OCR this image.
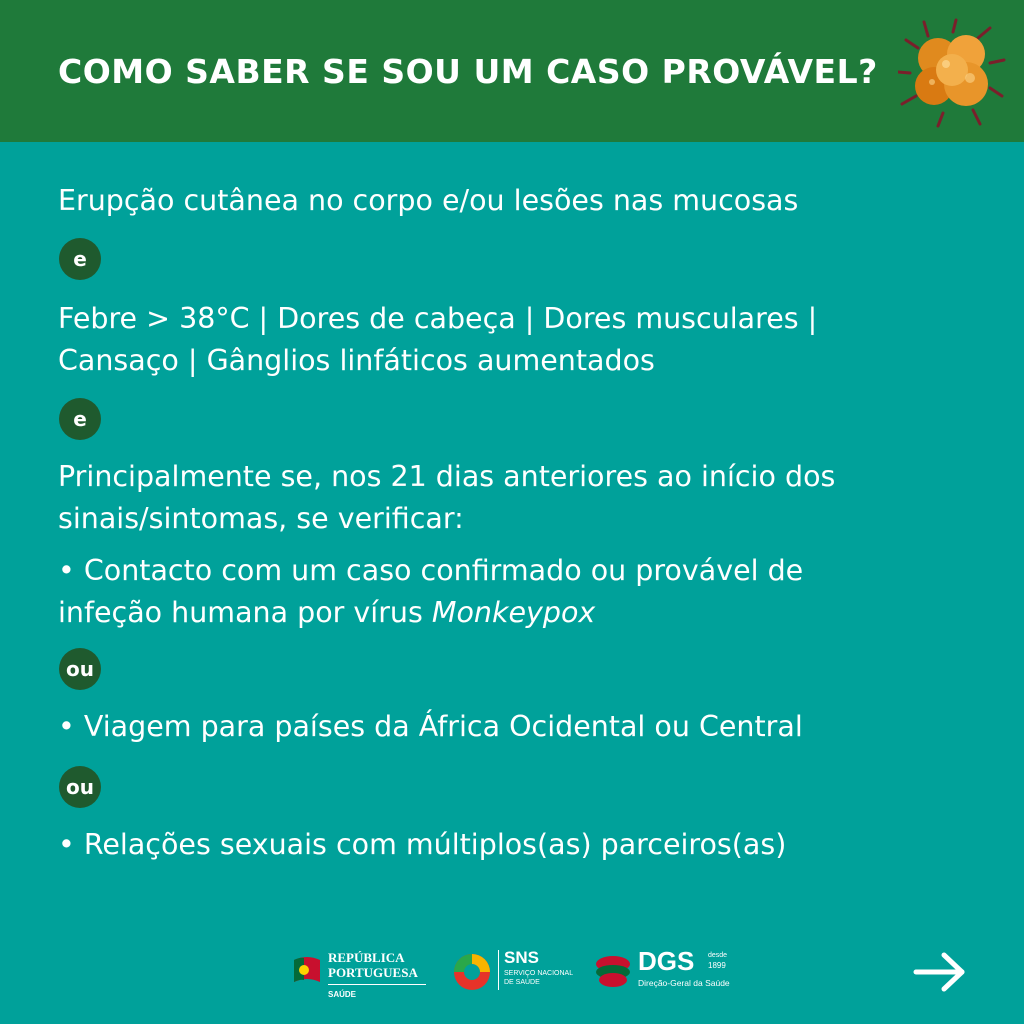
COMO SABER SE SOU UM CASO PROVÁVEL?
Erupção cutânea no corpo e/ou lesões nas mucosas
e
Febre > 38°C | Dores de cabeça | Dores musculares |
Cansaço | Gânglios linfáticos aumentados
e
Principalmente se, nos 21 dias anteriores ao início dos
sinais/sintomas, se verificar:
• Contacto com um caso confirmado ou provável de
infeção humana por vírus Monkeypox
ou
• Viagem para países da África Ocidental ou Central
ou
• Relações sexuais com múltiplos(as) parceiros(as)
REPÚBLICA
PORTUGUESA
SAÚDE
SNS
SERVIÇO NACIONAL
DE SAÚDE
DGS desde
1899
Direção-Geral da Saúde
